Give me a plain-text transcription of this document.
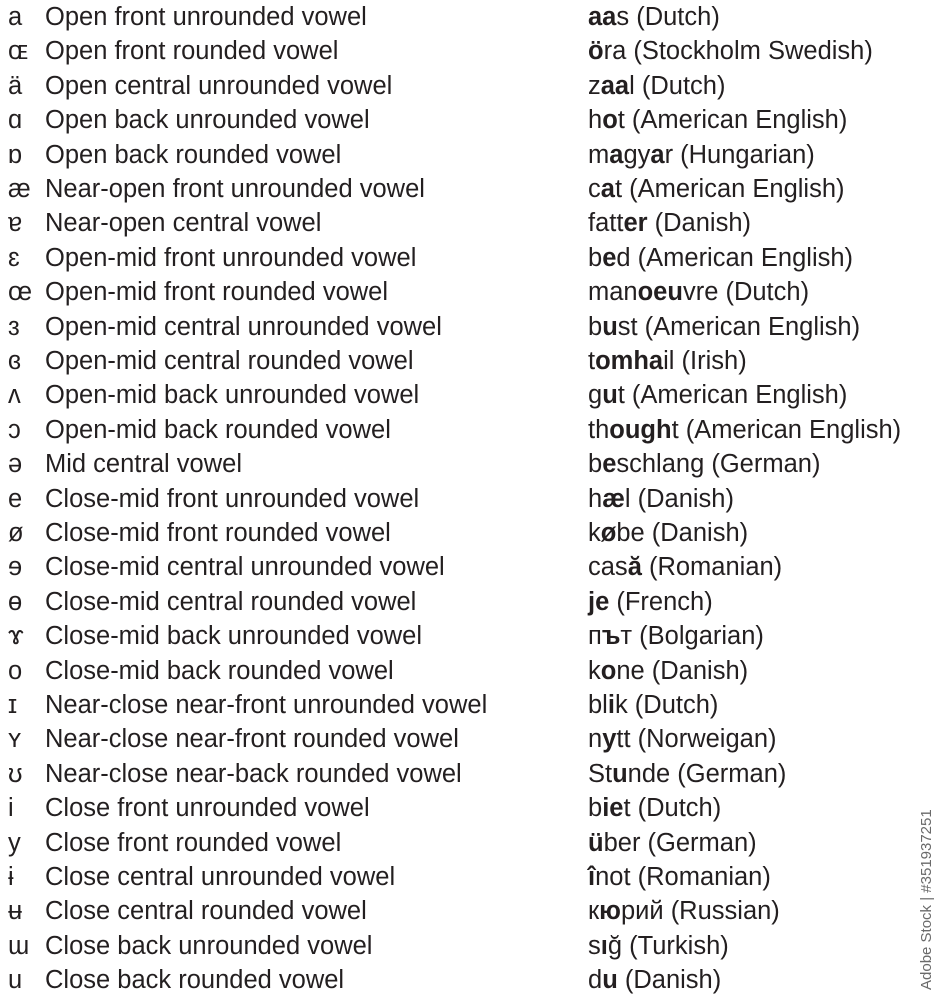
a Open front unrounded vowel	aas (Dutch)
ɶ Open front rounded vowel	öra (Stockholm Swedish)
ä Open central unrounded vowel	zaal (Dutch)
ɑ Open back unrounded vowel	hot (American English)
ɒ Open back rounded vowel	magyar (Hungarian)
æ Near-open front unrounded vowel	cat (American English)
ɐ Near-open central vowel	fatter (Danish)
ɛ Open-mid front unrounded vowel	bed (American English)
œ Open-mid front rounded vowel	manoeuvre (Dutch)
ɜ Open-mid central unrounded vowel	bust (American English)
ɞ Open-mid central rounded vowel	tomhail (Irish)
ʌ Open-mid back unrounded vowel	gut (American English)
ɔ Open-mid back rounded vowel	thought (American English)
ə Mid central vowel	beschlang (German)
e Close-mid front unrounded vowel	hæl (Danish)
ø Close-mid front rounded vowel	købe (Danish)
ɘ Close-mid central unrounded vowel	casă (Romanian)
ɵ Close-mid central rounded vowel	je (French)
ɤ Close-mid back unrounded vowel	път (Bolgarian)
o Close-mid back rounded vowel	kone (Danish)
ɪ	Near-close near-front unrounded vowel	blik (Dutch)
ʏ Near-close near-front rounded vowel	nytt (Norweigan)
ʊ Near-close near-back rounded vowel	Stunde (German)
i	Close front unrounded vowel	biet (Dutch)
y Close front rounded vowel	über (German)
ɨ	Close central unrounded vowel	înot (Romanian)
ʉ Close central rounded vowel	кюрий (Russian)
ɯ Close back unrounded vowel	sığ (Turkish)
u Close back rounded vowel	du (Danish)	Adobe Stock | #351937251
